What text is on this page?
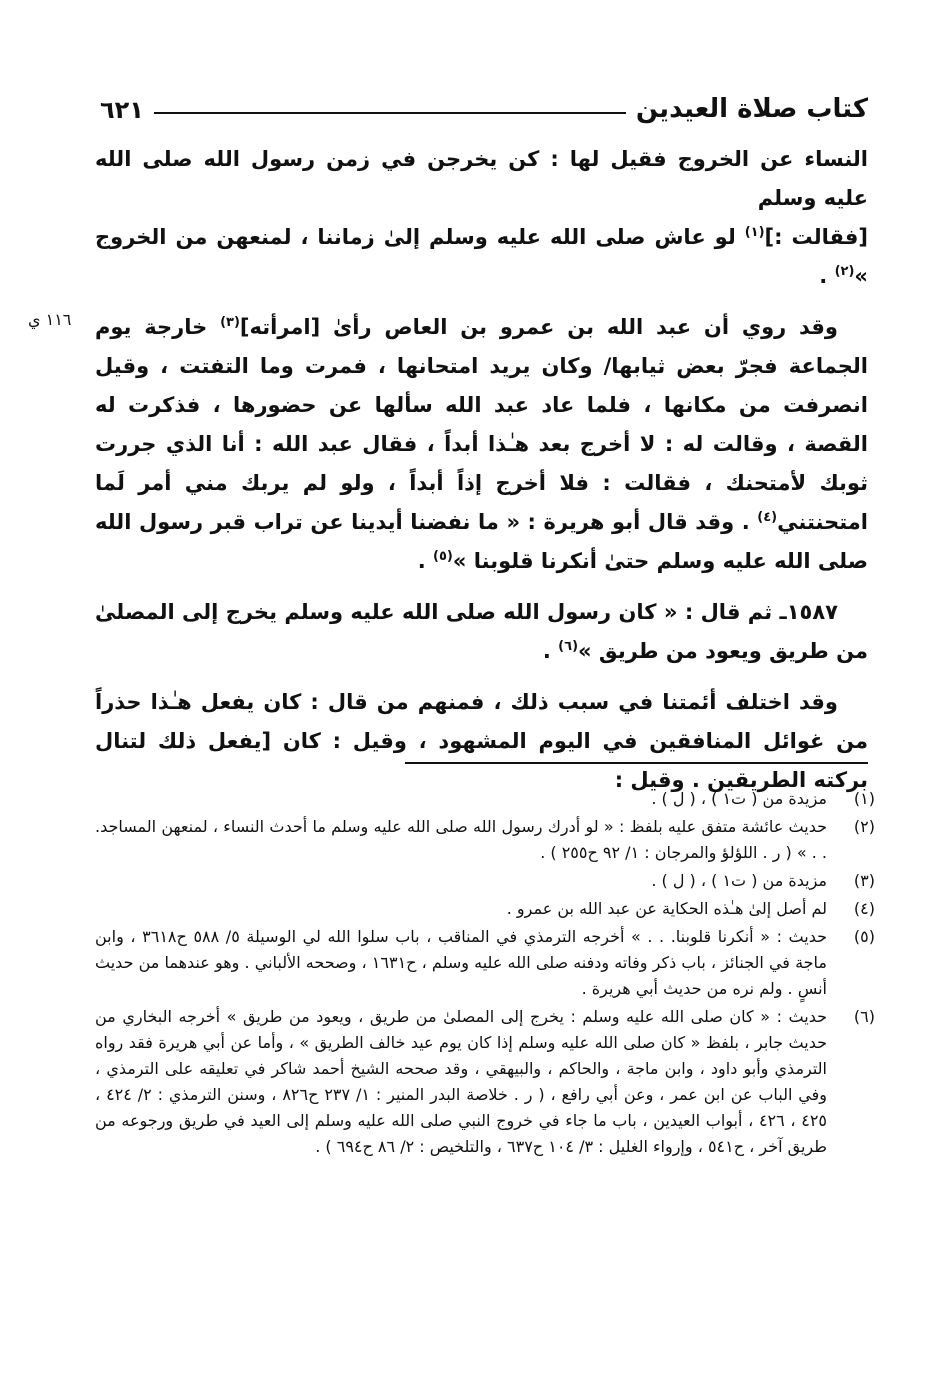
كتاب صلاة العيدين
٦٢١
١١٦ ي

النساء عن الخروج فقيل لها : كن يخرجن في زمن رسول الله صلى الله عليه وسلم
[فقالت :]$^{(١)}$ لو عاش صلى الله عليه وسلم إلىٰ زماننا ، لمنعهن من الخروج »$^{(٢)}$ .

وقد روي أن عبد الله بن عمرو بن العاص رأىٰ [امرأته]$^{(٣)}$ خارجة يوم الجماعة فجرّ بعض ثيابها/ وكان يريد امتحانها ، فمرت وما التفتت ، وقيل انصرفت من مكانها ، فلما عاد عبد الله سألها عن حضورها ، فذكرت له القصة ، وقالت له : لا أخرج بعد هـٰذا أبداً ، فقال عبد الله : أنا الذي جررت ثوبك لأمتحنك ، فقالت : فلا أخرج إذاً أبداً ، ولو لم يربك مني أمر لَما امتحنتني$^{(٤)}$ . وقد قال أبو هريرة : « ما نفضنا أيدينا عن تراب قبر رسول الله صلى الله عليه وسلم حتىٰ أنكرنا قلوبنا »$^{(٥)}$ .

١٥٨٧ـ ثم قال : « كان رسول الله صلى الله عليه وسلم يخرج إلى المصلىٰ من طريق ويعود من طريق »$^{(٦)}$ .

وقد اختلف أئمتنا في سبب ذلك ، فمنهم من قال : كان يفعل هـٰذا حذراً من غوائل المنافقين في اليوم المشهود ، وقيل : كان [يفعل ذلك لتنال بركته الطريقين . وقيل :

(١)
مزيدة من ( ت١ ) ، ( ل ) .
(٢)
حديث عائشة متفق عليه بلفظ : « لو أدرك رسول الله صلى الله عليه وسلم ما أحدث النساء ، لمنعهن المساجد. . . » ( ر . اللؤلؤ والمرجان : ١/ ٩٢ ح٢٥٥ ) .
(٣)
مزيدة من ( ت١ ) ، ( ل ) .
(٤)
لم أصل إلىٰ هـٰذه الحكاية عن عبد الله بن عمرو .
(٥)
حديث : « أنكرنا قلوبنا. . . » أخرجه الترمذي في المناقب ، باب سلوا الله لي الوسيلة ٥/ ٥٨٨ ح٣٦١٨ ، وابن ماجة في الجنائز ، باب ذكر وفاته ودفنه صلى الله عليه وسلم ، ح١٦٣١ ، وصححه الألباني . وهو عندهما من حديث أنسٍ . ولم نره من حديث أبي هريرة .
(٦)
حديث : « كان صلى الله عليه وسلم : يخرج إلى المصلىٰ من طريق ، ويعود من طريق » أخرجه البخاري من حديث جابر ، بلفظ « كان صلى الله عليه وسلم إذا كان يوم عيد خالف الطريق » ، وأما عن أبي هريرة فقد رواه الترمذي وأبو داود ، وابن ماجة ، والحاكم ، والبيهقي ، وقد صححه الشيخ أحمد شاكر في تعليقه على الترمذي ، وفي الباب عن ابن عمر ، وعن أبي رافع ، ( ر . خلاصة البدر المنير : ١/ ٢٣٧ ح٨٢٦ ، وسنن الترمذي : ٢/ ٤٢٤ ، ٤٢٥ ، ٤٢٦ ، أبواب العيدين ، باب ما جاء في خروج النبي صلى الله عليه وسلم إلى العيد في طريق ورجوعه من طريق آخر ، ح٥٤١ ، وإرواء الغليل : ٣/ ١٠٤ ح٦٣٧ ، والتلخيص : ٢/ ٨٦ ح٦٩٤ ) .
